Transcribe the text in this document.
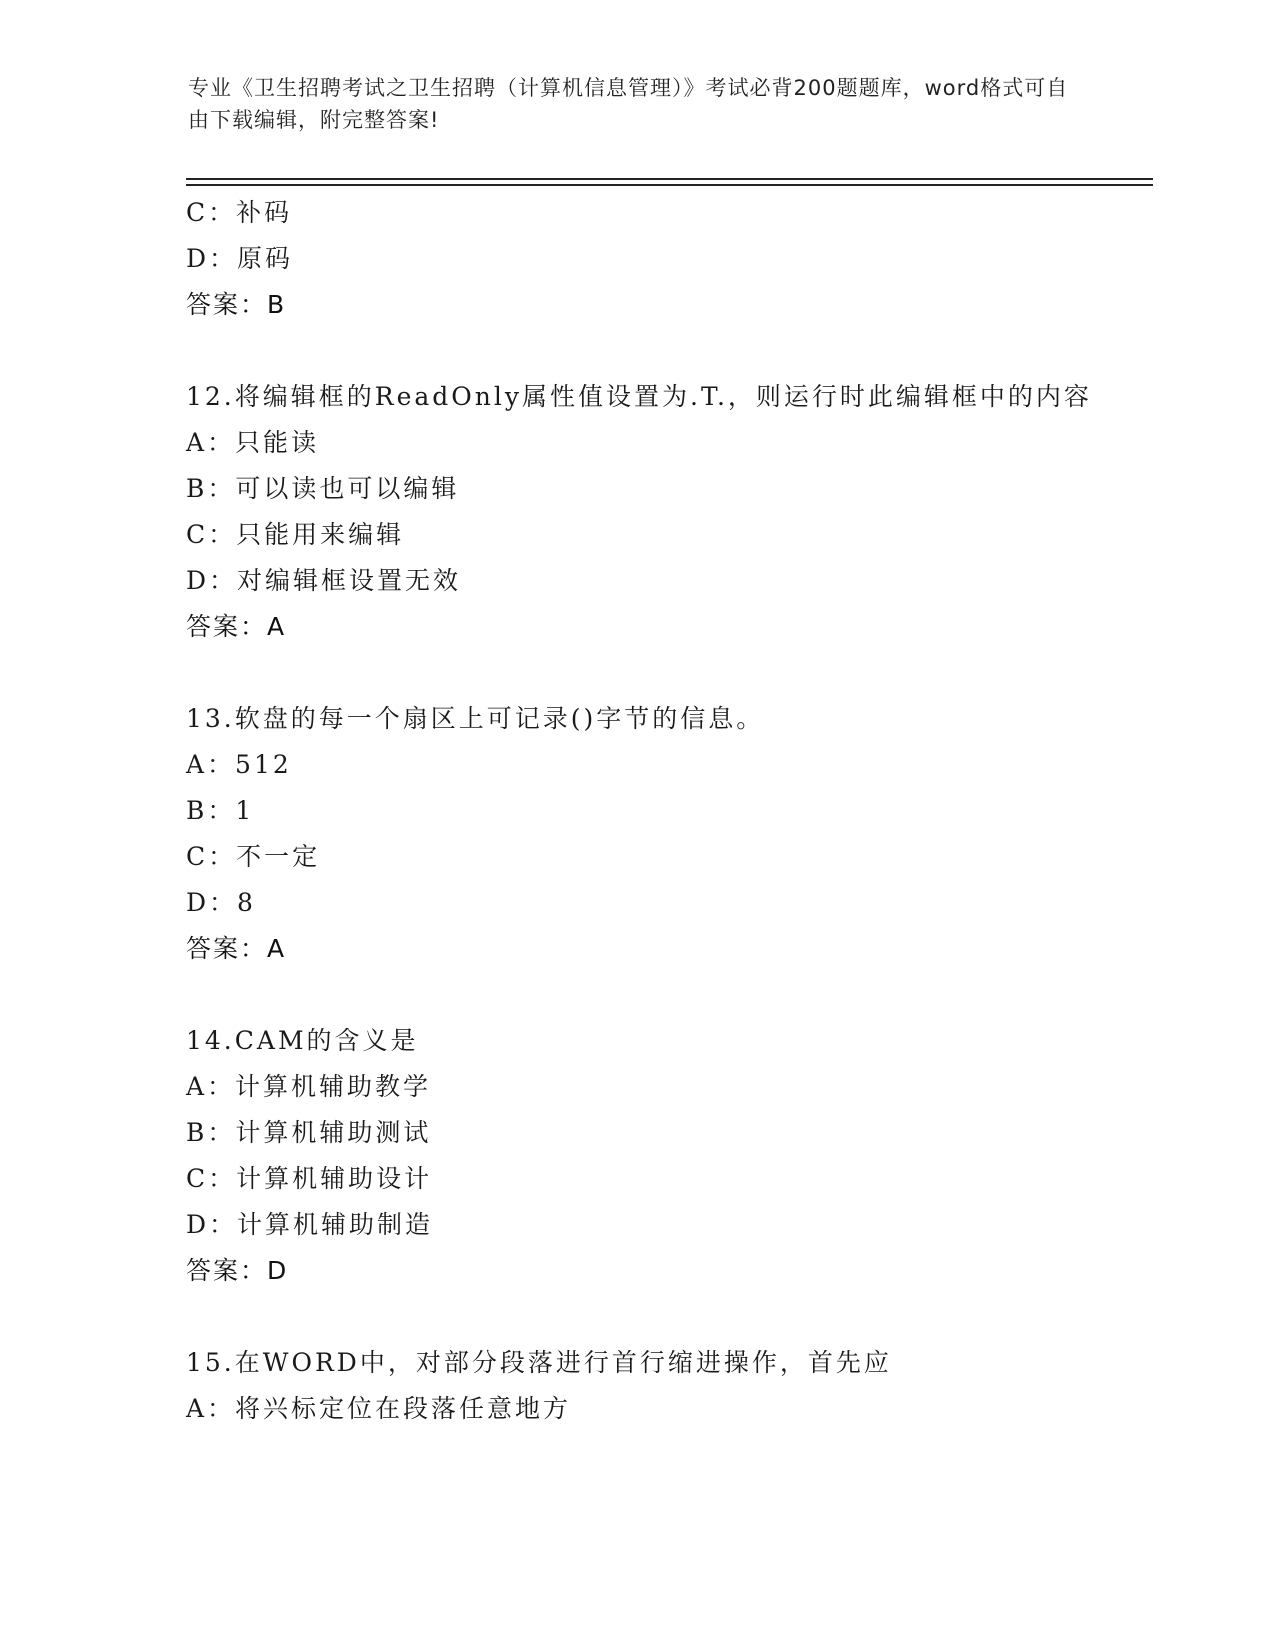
专业《卫生招聘考试之卫生招聘（计算机信息管理）》考试必背200题题库，word格式可自由下载编辑，附完整答案!
C：补码
D：原码
答案：B
12.将编辑框的ReadOnly属性值设置为.T.，则运行时此编辑框中的内容
A：只能读
B：可以读也可以编辑
C：只能用来编辑
D：对编辑框设置无效
答案：A
13.软盘的每一个扇区上可记录()字节的信息。
A：512
B：1
C：不一定
D：8
答案：A
14.CAM的含义是
A：计算机辅助教学
B：计算机辅助测试
C：计算机辅助设计
D：计算机辅助制造
答案：D
15.在WORD中，对部分段落进行首行缩进操作，首先应
A：将兴标定位在段落任意地方
